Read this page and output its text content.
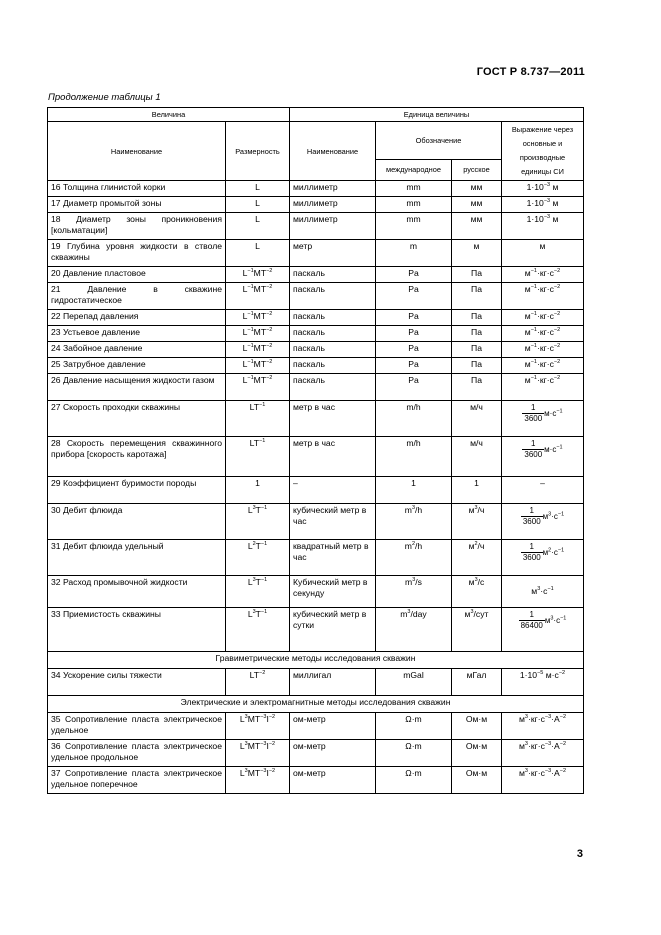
ГОСТ Р 8.737—2011
Продолжение таблицы 1
Величина		Единица величины			
Наименование	Размерность	Наименование	Обозначение		Выражение через основные и производные единицы СИ
			международное	русское	
16 Толщина глинистой корки	L	миллиметр	mm	мм	$1\cdot 10^{-3}$ м
17 Диаметр промытой зоны	L	миллиметр	mm	мм	$1\cdot 10^{-3}$ м
18 Диаметр зоны проникновения [кольматации]	L	миллиметр	mm	мм	$1\cdot 10^{-3}$ м
19 Глубина уровня жидкости в стволе скважины	L	метр	m	м	м
20 Давление пластовое	$L^{-1}MT^{-2}$	паскаль	Pa	Па	$м^{-1}\cdot кг\cdot с^{-2}$
21 Давление в скважине гидростатическое	$L^{-1}MT^{-2}$	паскаль	Pa	Па	$м^{-1}\cdot кг\cdot с^{-2}$
22 Перепад давления	$L^{-1}MT^{-2}$	паскаль	Pa	Па	$м^{-1}\cdot кг\cdot с^{-2}$
23 Устьевое давление	$L^{-1}MT^{-2}$	паскаль	Pa	Па	$м^{-1}\cdot кг\cdot с^{-2}$
24 Забойное давление	$L^{-1}MT^{-2}$	паскаль	Pa	Па	$м^{-1}\cdot кг\cdot с^{-2}$
25 Затрубное давление	$L^{-1}MT^{-2}$	паскаль	Pa	Па	$м^{-1}\cdot кг\cdot с^{-2}$
26 Давление насыщения жидкости газом	$L^{-1}MT^{-2}$	паскаль	Pa	Па	$м^{-1}\cdot кг\cdot с^{-2}$
27 Скорость проходки скважины	$LT^{-1}$	метр в час	m/h	м/ч	$\frac{1}{3600} м\cdot с^{-1}$

28 Скорость перемещения скважинного прибора [скорость каротажа]	$LT^{-1}$	метр в час	m/h	м/ч	$\frac{1}{3600} м\cdot с^{-1}$

29 Коэффициент буримости породы	1	–	1	1	–
30 Дебит флюида	$L^3T^{-1}$	кубический метр в час	$m^3/h$	$м^3/ч$	$\frac{1}{3600} м^3\cdot с^{-1}$

31 Дебит флюида удельный	$L^2T^{-1}$	квадратный метр в час	$m^2/h$	$м^2/ч$	$\frac{1}{3600} м^2\cdot с^{-1}$

32 Расход промывочной жидкости	$L^3T^{-1}$	Кубический метр в секунду	$m^3/s$	$м^3/с$	$м^3\cdot с^{-1}$
33 Приемистость скважины	$L^3T^{-1}$	кубический метр в сутки	$m^3$/day	$м^3$/сут	$\frac{1}{86400} м^3\cdot с^{-1}$

Гравиметрические методы исследования скважин					
34 Ускорение силы тяжести	$LT^{-2}$	миллигал	mGal	мГал	$1\cdot 10^{-5}$ $м\cdot с^{-2}$
Электрические и электромагнитные методы исследования скважин					
35 Сопротивление пласта электрическое удельное	$L^3MT^{-3}I^{-2}$	ом-метр	Ω·m	Ом·м	$м^3\cdot кг\cdot с^{-3}\cdot А^{-2}$
36 Сопротивление пласта электрическое удельное продольное	$L^3MT^{-3}I^{-2}$	ом-метр	Ω·m	Ом·м	$м^3\cdot кг\cdot с^{-3}\cdot А^{-2}$
37 Сопротивление пласта электрическое удельное поперечное	$L^3MT^{-3}I^{-2}$	ом-метр	Ω·m	Ом·м	$м^3\cdot кг\cdot с^{-3}\cdot А^{-2}$
3
